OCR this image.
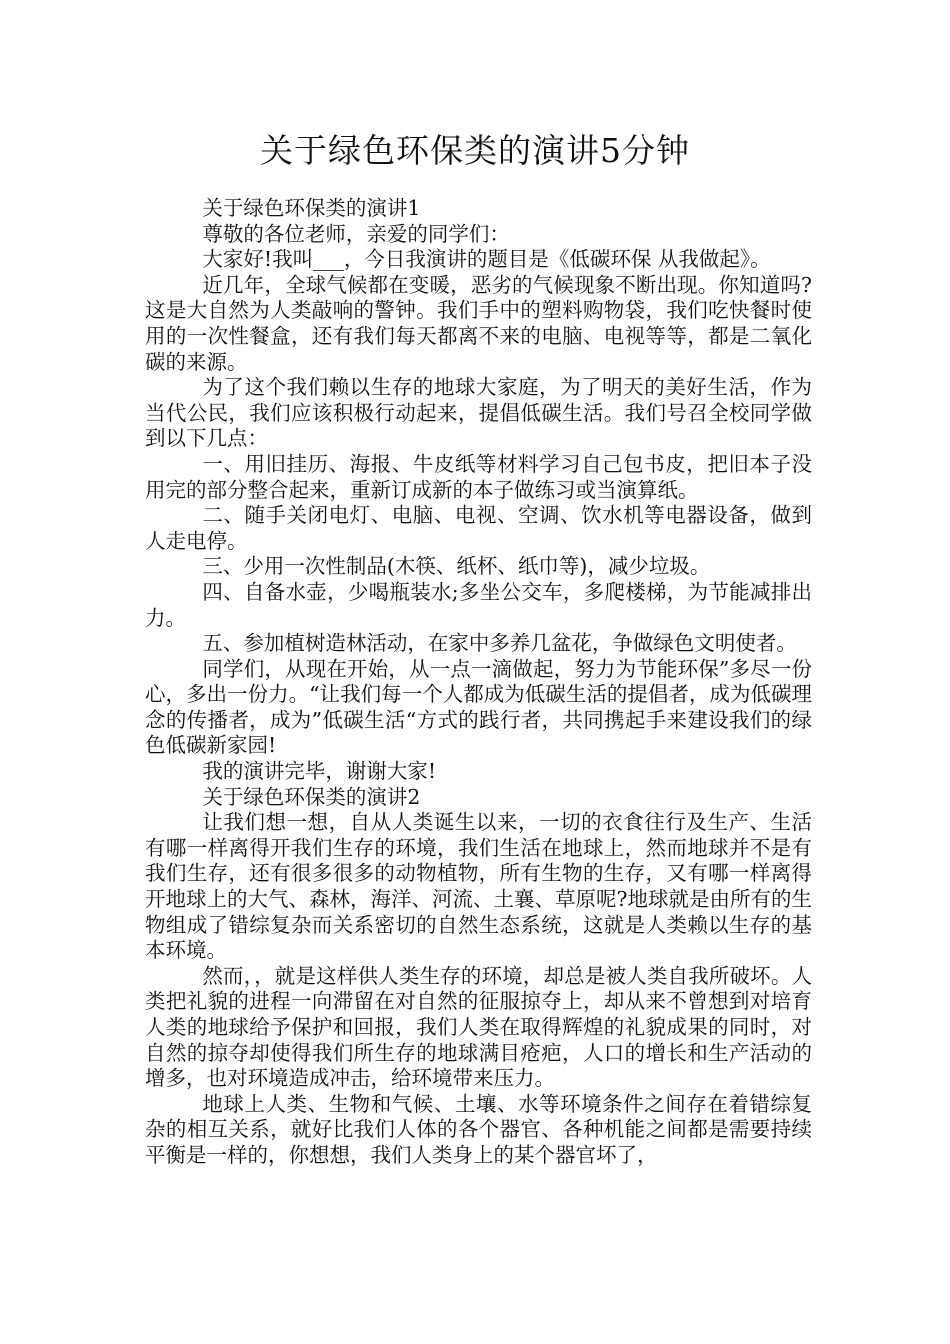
关于绿色环保类的演讲5分钟

关于绿色环保类的演讲1

尊敬的各位老师，亲爱的同学们：

大家好!我叫___，今日我演讲的题目是《低碳环保 从我做起》。

近几年，全球气候都在变暖，恶劣的气候现象不断出现。你知道吗?这是大自然为人类敲响的警钟。我们手中的塑料购物袋，我们吃快餐时使用的一次性餐盒，还有我们每天都离不来的电脑、电视等等，都是二氧化碳的来源。

为了这个我们赖以生存的地球大家庭，为了明天的美好生活，作为当代公民，我们应该积极行动起来，提倡低碳生活。我们号召全校同学做到以下几点：

一、用旧挂历、海报、牛皮纸等材料学习自己包书皮，把旧本子没用完的部分整合起来，重新订成新的本子做练习或当演算纸。

二、随手关闭电灯、电脑、电视、空调、饮水机等电器设备，做到人走电停。

三、少用一次性制品(木筷、纸杯、纸巾等)，减少垃圾。

四、自备水壶，少喝瓶装水;多坐公交车，多爬楼梯，为节能减排出力。

五、参加植树造林活动，在家中多养几盆花，争做绿色文明使者。

同学们，从现在开始，从一点一滴做起，努力为节能环保”多尽一份心，多出一份力。“让我们每一个人都成为低碳生活的提倡者，成为低碳理念的传播者，成为”低碳生活“方式的践行者，共同携起手来建设我们的绿色低碳新家园!

我的演讲完毕，谢谢大家!

关于绿色环保类的演讲2

让我们想一想，自从人类诞生以来，一切的衣食往行及生产、生活有哪一样离得开我们生存的环境，我们生活在地球上，然而地球并不是有我们生存，还有很多很多的动物植物，所有生物的生存，又有哪一样离得开地球上的大气、森林，海洋、河流、土襄、草原呢?地球就是由所有的生物组成了错综复杂而关系密切的自然生态系统，这就是人类赖以生存的基本环境。

然而，，就是这样供人类生存的环境，却总是被人类自我所破坏。人类把礼貌的进程一向滞留在对自然的征服掠夺上，却从来不曾想到对培育人类的地球给予保护和回报，我们人类在取得辉煌的礼貌成果的同时，对自然的掠夺却使得我们所生存的地球满目疮疤，人口的增长和生产活动的增多，也对环境造成冲击，给环境带来压力。

地球上人类、生物和气候、土壤、水等环境条件之间存在着错综复杂的相互关系，就好比我们人体的各个器官、各种机能之间都是需要持续平衡是一样的，你想想，我们人类身上的某个器官坏了，
